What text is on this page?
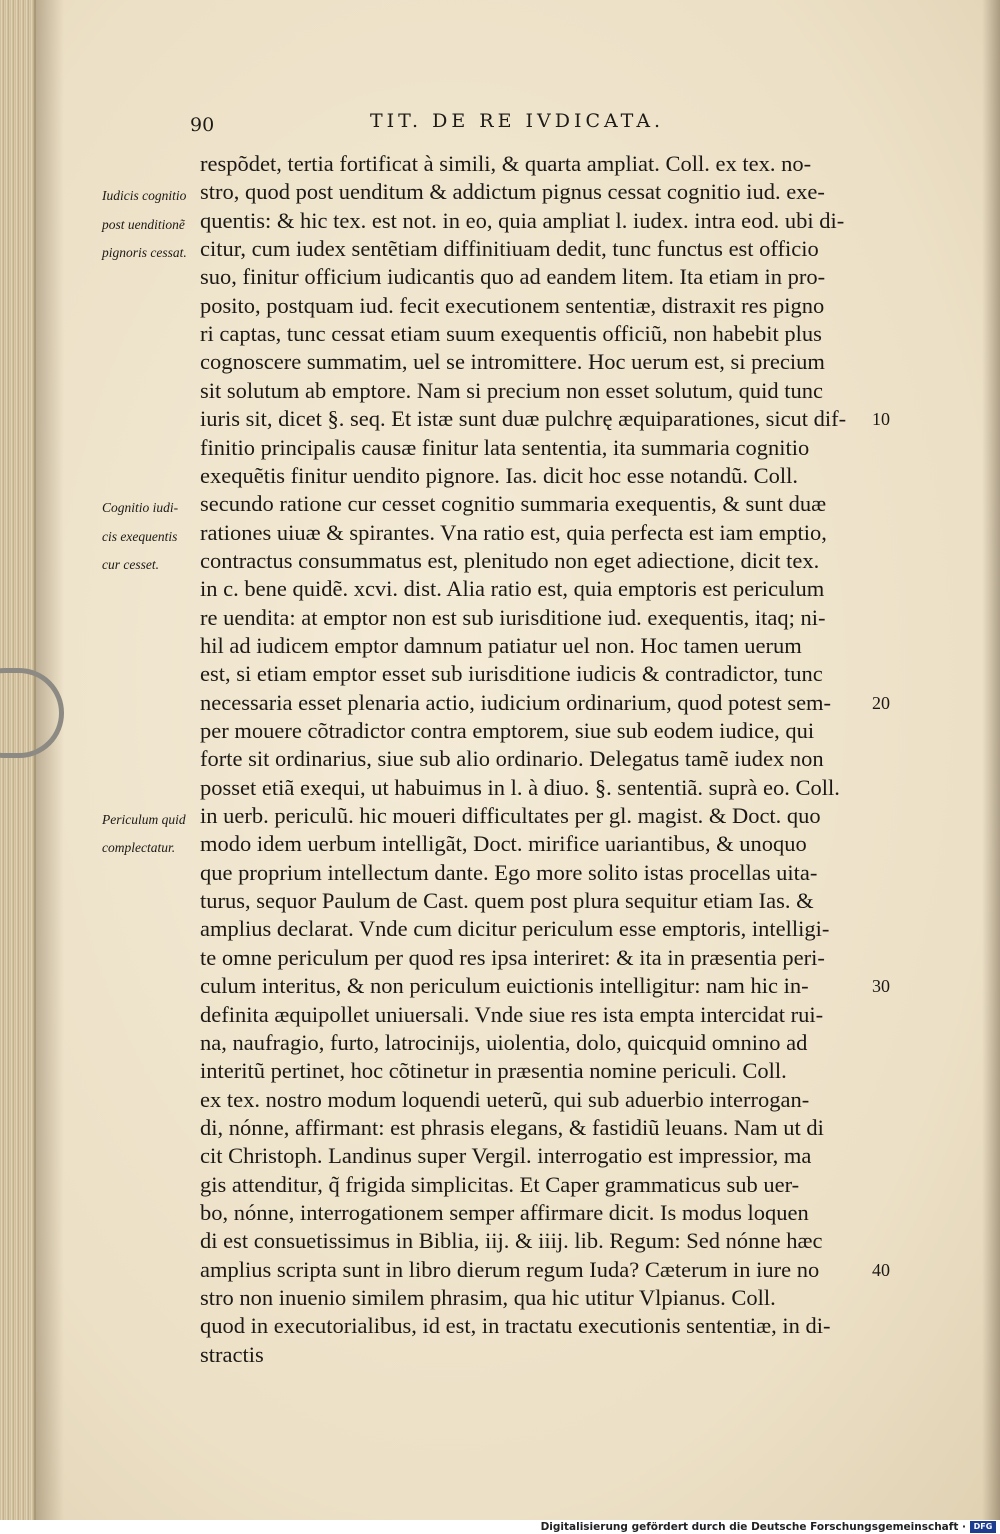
90	TIT. DE RE IVDICATA.
respõdet, tertia fortificat à simili, & quarta ampliat. Coll. ex tex. no-
stro, quod post uenditum & addictum pignus cessat cognitio iud. exe-
quentis: & hic tex. est not. in eo, quia ampliat l. iudex. intra eod. ubi di-
citur, cum iudex sentẽtiam diffinitiuam dedit, tunc functus est officio
suo, finitur officium iudicantis quo ad eandem litem. Ita etiam in pro-
posito, postquam iud. fecit executionem sententiæ, distraxit res pigno
ri captas, tunc cessat etiam suum exequentis officiũ, non habebit plus
cognoscere summatim, uel se intromittere. Hoc uerum est, si precium
sit solutum ab emptore. Nam si precium non esset solutum, quid tunc
iuris sit, dicet §. seq. Et istæ sunt duæ pulchrę æquiparationes, sicut dif-
finitio principalis causæ finitur lata sententia, ita summaria cognitio
exequẽtis finitur uendito pignore. Ias. dicit hoc esse notandũ. Coll.
secundo ratione cur cesset cognitio summaria exequentis, & sunt duæ
rationes uiuæ & spirantes. Vna ratio est, quia perfecta est iam emptio,
contractus consummatus est, plenitudo non eget adiectione, dicit tex.
in c. bene quidẽ. xcvi. dist. Alia ratio est, quia emptoris est periculum
re uendita: at emptor non est sub iurisditione iud. exequentis, itaq; ni-
hil ad iudicem emptor damnum patiatur uel non. Hoc tamen uerum
est, si etiam emptor esset sub iurisditione iudicis & contradictor, tunc
necessaria esset plenaria actio, iudicium ordinarium, quod potest sem-
per mouere cõtradictor contra emptorem, siue sub eodem iudice, qui
forte sit ordinarius, siue sub alio ordinario. Delegatus tamẽ iudex non
posset etiã exequi, ut habuimus in l. à diuo. §. sententiã. suprà eo. Coll.
in uerb. periculũ. hic moueri difficultates per gl. magist. & Doct. quo
modo idem uerbum intelligãt, Doct. mirifice uariantibus, & unoquo
que proprium intellectum dante. Ego more solito istas procellas uita-
turus, sequor Paulum de Cast. quem post plura sequitur etiam Ias. &
amplius declarat. Vnde cum dicitur periculum esse emptoris, intelligi-
te omne periculum per quod res ipsa interiret: & ita in præsentia peri-
culum interitus, & non periculum euictionis intelligitur: nam hic in-
definita æquipollet uniuersali. Vnde siue res ista empta intercidat rui-
na, naufragio, furto, latrocinijs, uiolentia, dolo, quicquid omnino ad
interitũ pertinet, hoc cõtinetur in præsentia nomine periculi. Coll.
ex tex. nostro modum loquendi ueterũ, qui sub aduerbio interrogan-
di, nónne, affirmant: est phrasis elegans, & fastidiũ leuans. Nam ut di
cit Christoph. Landinus super Vergil. interrogatio est impressior, ma
gis attenditur, q̃ frigida simplicitas. Et Caper grammaticus sub uer-
bo, nónne, interrogationem semper affirmare dicit. Is modus loquen
di est consuetissimus in Biblia, iij. & iiij. lib. Regum: Sed nónne hæc
amplius scripta sunt in libro dierum regum Iuda? Cæterum in iure no
stro non inuenio similem phrasim, qua hic utitur Vlpianus. Coll.
quod in executorialibus, id est, in tractatu executionis sententiæ, in di-
stractis
Iudicis cognitio
post uenditionẽ
pignoris cessat.
Cognitio iudi-
cis exequentis
cur cesset.
Periculum quid
complectatur.
10
20
30
40
Digitalisierung gefördert durch die Deutsche Forschungsgemeinschaft · DFG
